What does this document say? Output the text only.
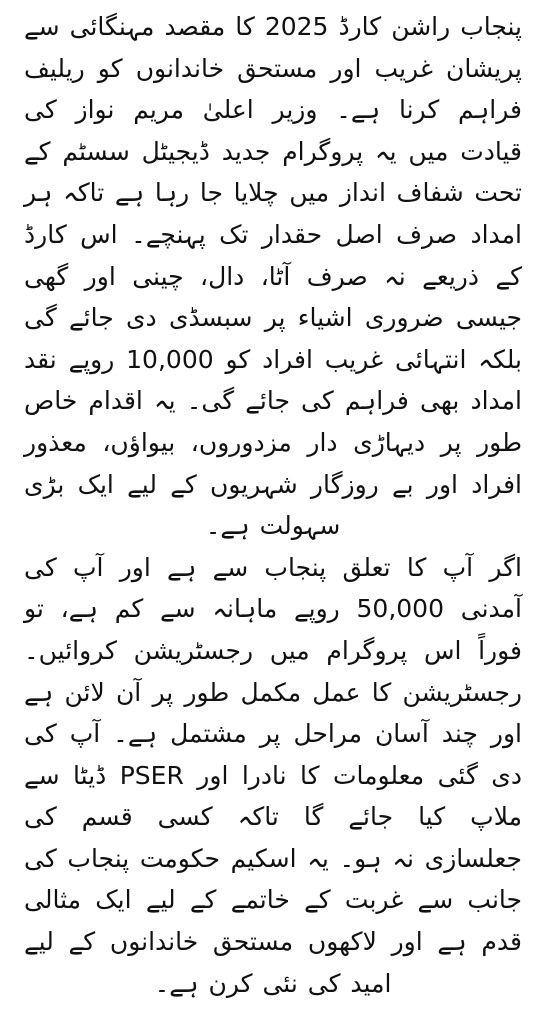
پنجاب راشن کارڈ 2025 کا مقصد مہنگائی سے پریشان غریب اور مستحق خاندانوں کو ریلیف فراہم کرنا ہے۔ وزیر اعلیٰ مریم نواز کی قیادت میں یہ پروگرام جدید ڈیجیٹل سسٹم کے تحت شفاف انداز میں چلایا جا رہا ہے تاکہ ہر امداد صرف اصل حقدار تک پہنچے۔ اس کارڈ کے ذریعے نہ صرف آٹا، دال، چینی اور گھی جیسی ضروری اشیاء پر سبسڈی دی جائے گی بلکہ انتہائی غریب افراد کو 10,000 روپے نقد امداد بھی فراہم کی جائے گی۔ یہ اقدام خاص طور پر دیہاڑی دار مزدوروں، بیواؤں، معذور افراد اور بے روزگار شہریوں کے لیے ایک بڑی سہولت ہے۔

اگر آپ کا تعلق پنجاب سے ہے اور آپ کی آمدنی 50,000 روپے ماہانہ سے کم ہے، تو فوراً اس پروگرام میں رجسٹریشن کروائیں۔ رجسٹریشن کا عمل مکمل طور پر آن لائن ہے اور چند آسان مراحل پر مشتمل ہے۔ آپ کی دی گئی معلومات کا نادرا اور PSER ڈیٹا سے ملاپ کیا جائے گا تاکہ کسی قسم کی جعلسازی نہ ہو۔ یہ اسکیم حکومت پنجاب کی جانب سے غربت کے خاتمے کے لیے ایک مثالی قدم ہے اور لاکھوں مستحق خاندانوں کے لیے امید کی نئی کرن ہے۔
